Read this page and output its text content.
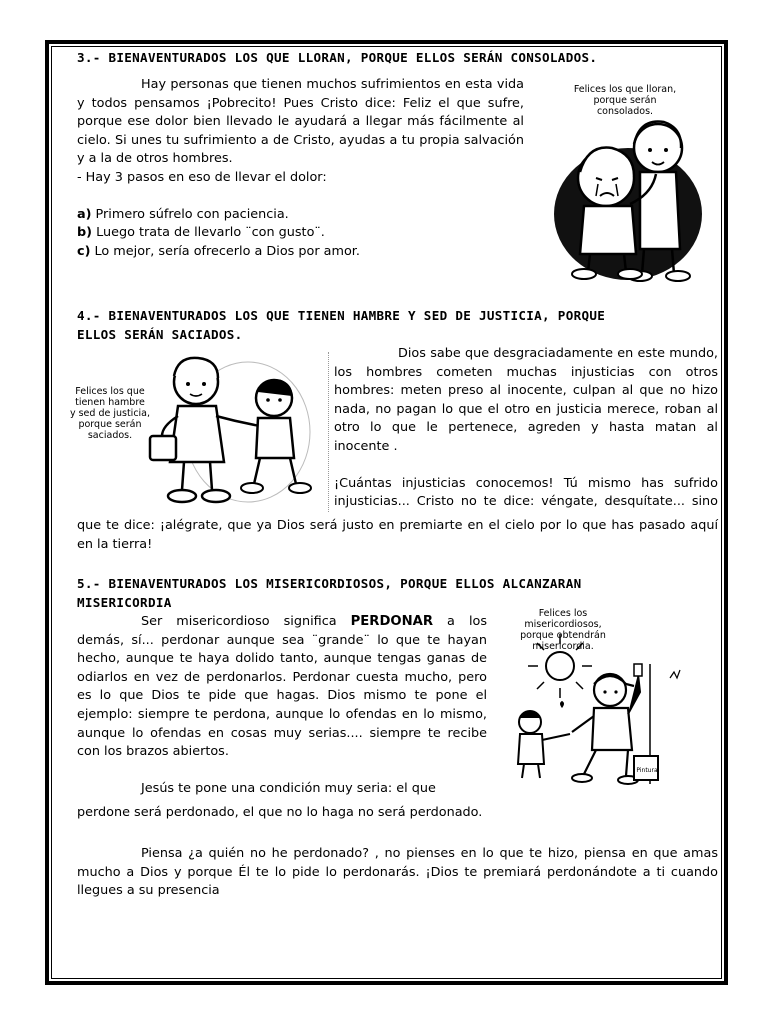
3.- BIENAVENTURADOS LOS QUE LLORAN, PORQUE ELLOS SERÁN CONSOLADOS.

Hay personas que tienen muchos sufrimientos en esta vida y todos pensamos ¡Pobrecito! Pues Cristo dice: Feliz el que sufre, porque ese dolor bien llevado le ayudará a llegar más fácilmente al cielo. Si unes tu sufrimiento a de Cristo, ayudas a tu propia salvación y a la de otros hombres.

- Hay 3 pasos en eso de llevar el dolor:

a) Primero súfrelo con paciencia.

b) Luego trata de llevarlo ¨con gusto¨.

c) Lo mejor, sería ofrecerlo a Dios por amor.

Felices los que lloran,
porque serán
consolados.
4.- BIENAVENTURADOS LOS QUE TIENEN HAMBRE Y SED DE JUSTICIA, PORQUE
ELLOS SERÁN SACIADOS.
Felices los que
tienen hambre
y sed de justicia,
porque serán
saciados.

Dios sabe que desgraciadamente en este mundo, los hombres cometen muchas injusticias con otros hombres: meten preso al inocente, culpan al que no hizo nada, no pagan lo que el otro en justicia merece, roban al otro lo que le pertenece, agreden y hasta matan al inocente .

¡Cuántas injusticias conocemos! Tú mismo has sufrido

injusticias... Cristo no te dice: véngate, desquítate... sino

que te dice: ¡alégrate, que ya Dios será justo en premiarte en el cielo por lo que has pasado aquí en la tierra!

5.- BIENAVENTURADOS LOS MISERICORDIOSOS, PORQUE ELLOS ALCANZARAN
MISERICORDIA

Ser misericordioso significa PERDONAR a los demás, sí... perdonar aunque sea ¨grande¨ lo que te hayan hecho, aunque te haya dolido tanto, aunque tengas ganas de odiarlos en vez de perdonarlos. Perdonar cuesta mucho, pero es lo que Dios te pide que hagas. Dios mismo te pone el ejemplo: siempre te perdona, aunque lo ofendas en lo mismo, aunque lo ofendas en cosas muy serias.... siempre te recibe con los brazos abiertos.

Jesús te pone una condición muy seria: el que

perdone será perdonado, el que no lo haga no será perdonado.

Piensa ¿a quién no he perdonado? , no pienses en lo que te hizo, piensa en que amas mucho a Dios y porque Él te lo pide lo perdonarás. ¡Dios te premiará perdonándote a ti cuando llegues a su presencia

Felices los
misericordiosos,
porque obtendrán
misericordia.
Pintura
